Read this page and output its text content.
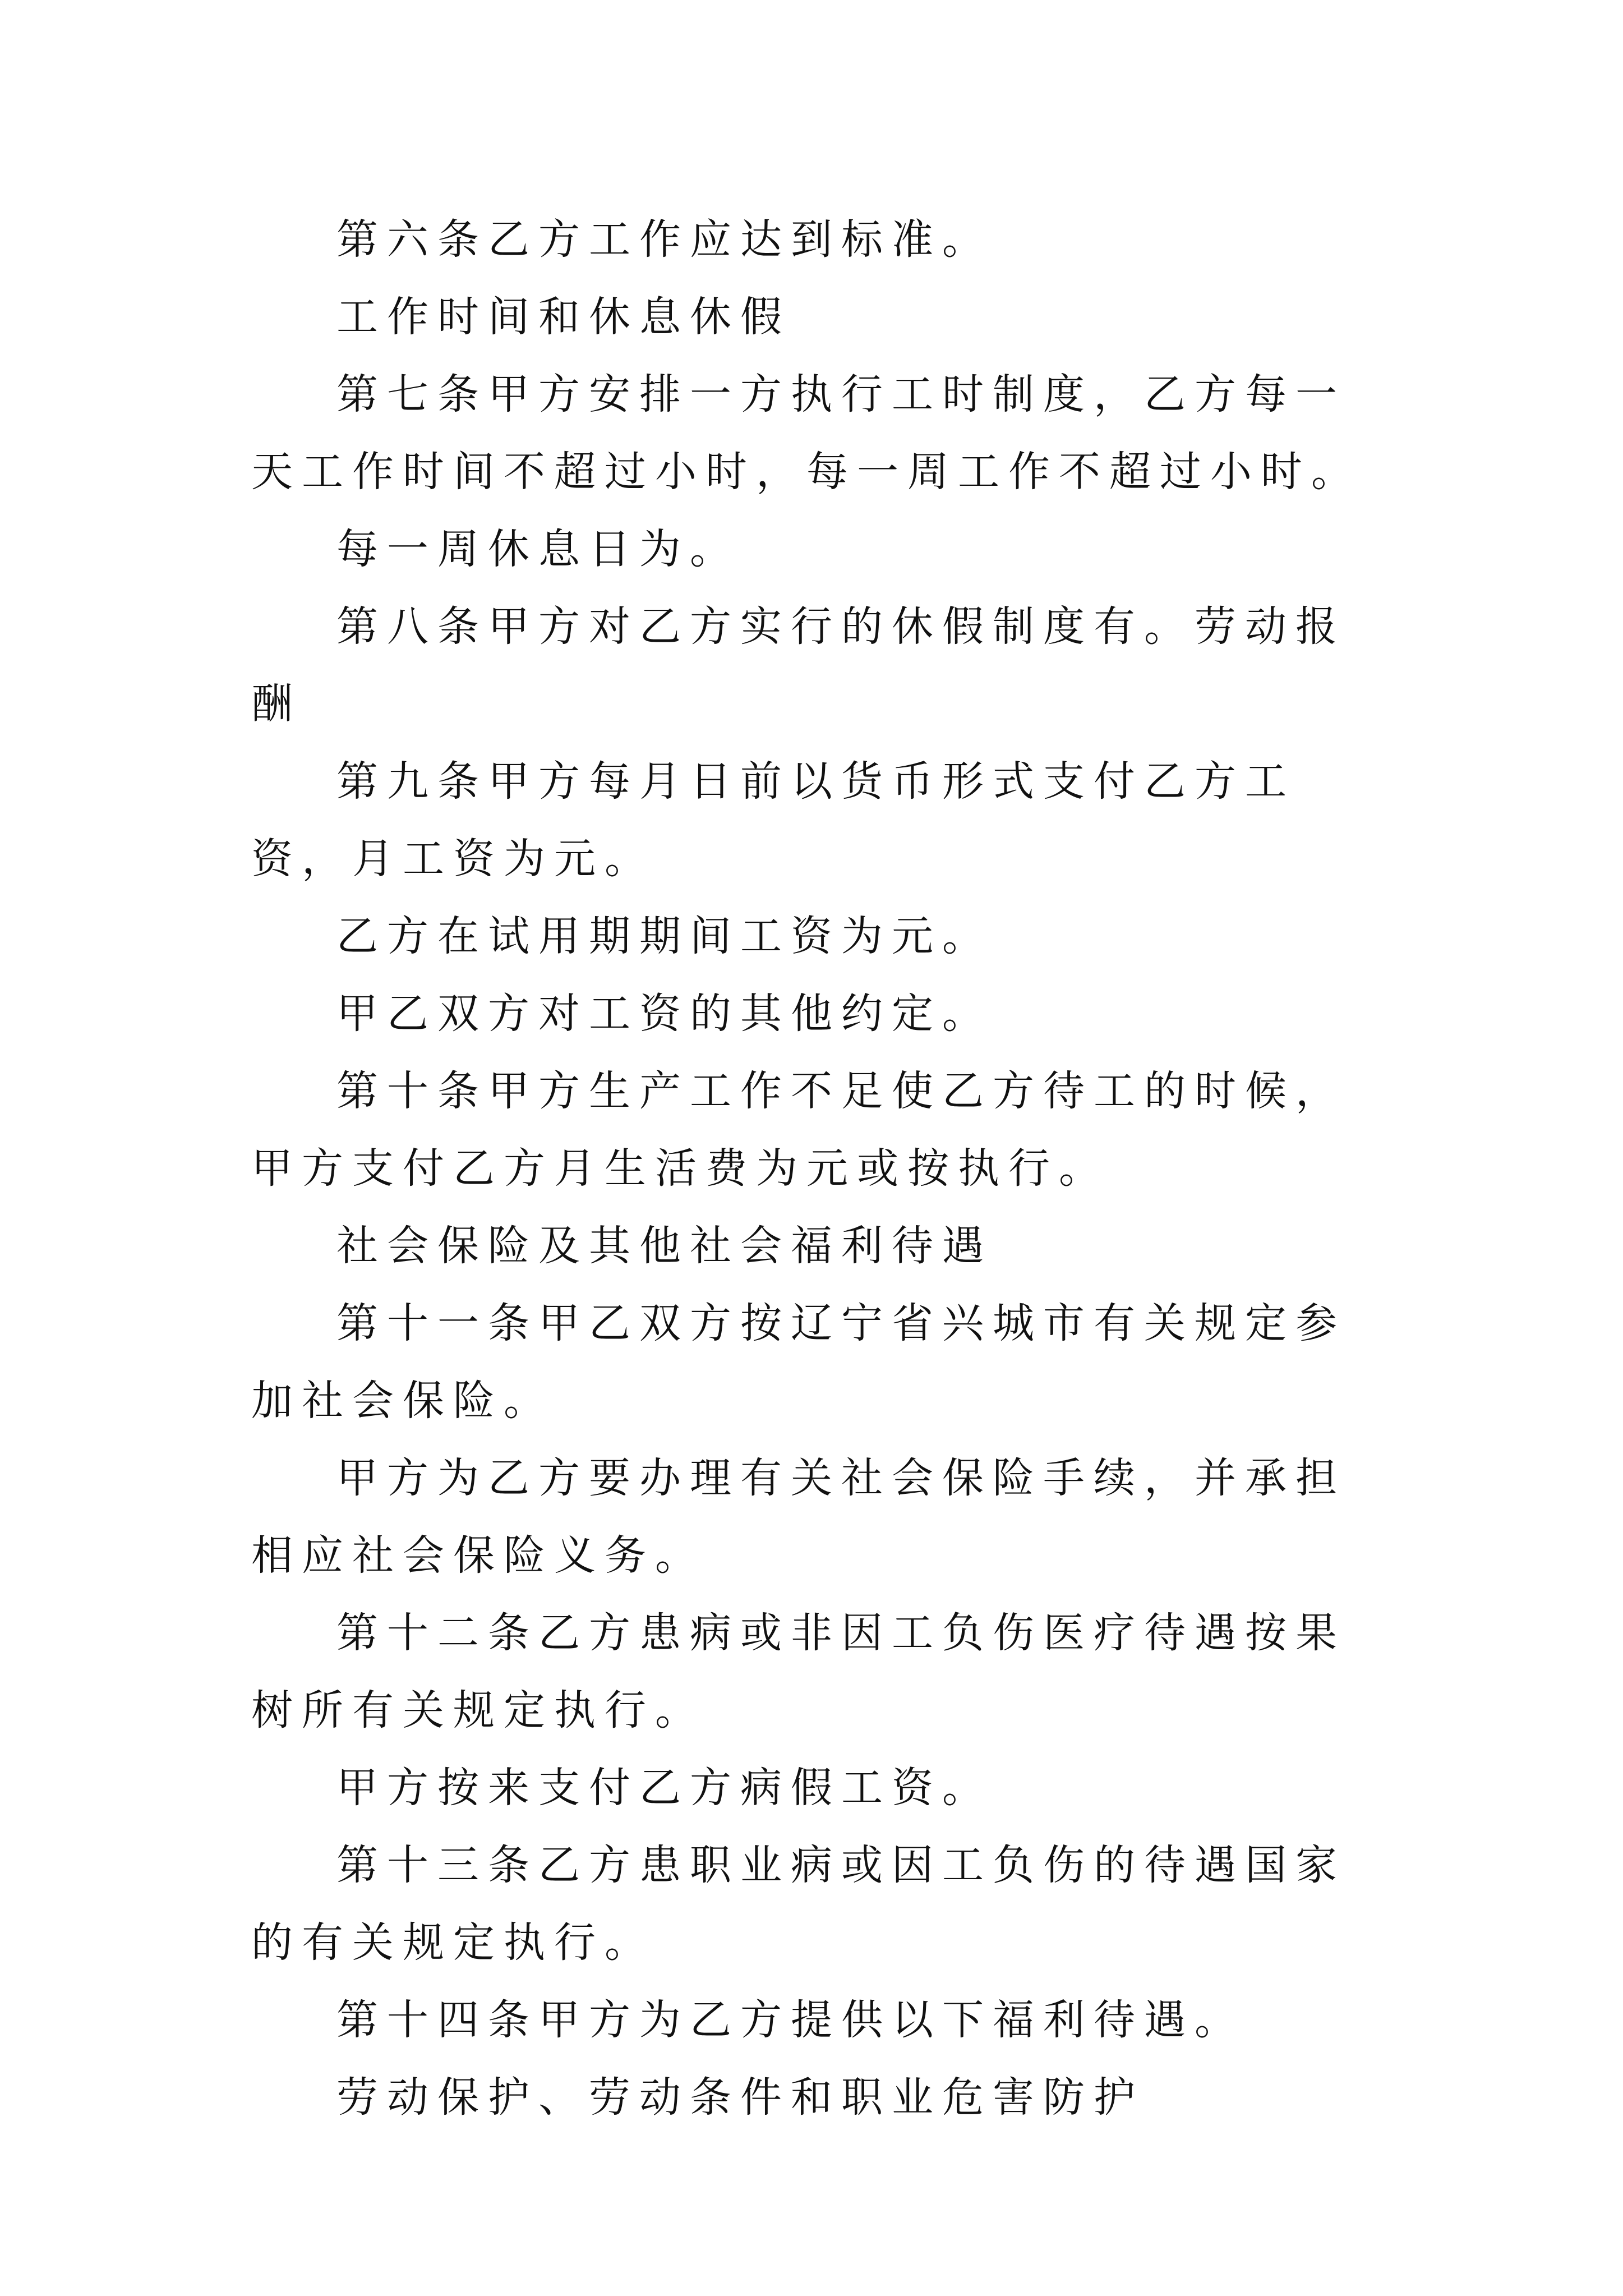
第六条乙方工作应达到标准。

工作时间和休息休假

第七条甲方安排一方执行工时制度，乙方每一天工作时间不超过小时，每一周工作不超过小时。

每一周休息日为。

第八条甲方对乙方实行的休假制度有。劳动报酬

第九条甲方每月日前以货币形式支付乙方工资，月工资为元。

乙方在试用期期间工资为元。

甲乙双方对工资的其他约定。

第十条甲方生产工作不足使乙方待工的时候，甲方支付乙方月生活费为元或按执行。

社会保险及其他社会福利待遇

第十一条甲乙双方按辽宁省兴城市有关规定参加社会保险。

甲方为乙方要办理有关社会保险手续，并承担相应社会保险义务。

第十二条乙方患病或非因工负伤医疗待遇按果树所有关规定执行。

甲方按来支付乙方病假工资。

第十三条乙方患职业病或因工负伤的待遇国家的有关规定执行。

第十四条甲方为乙方提供以下福利待遇。

劳动保护、劳动条件和职业危害防护
